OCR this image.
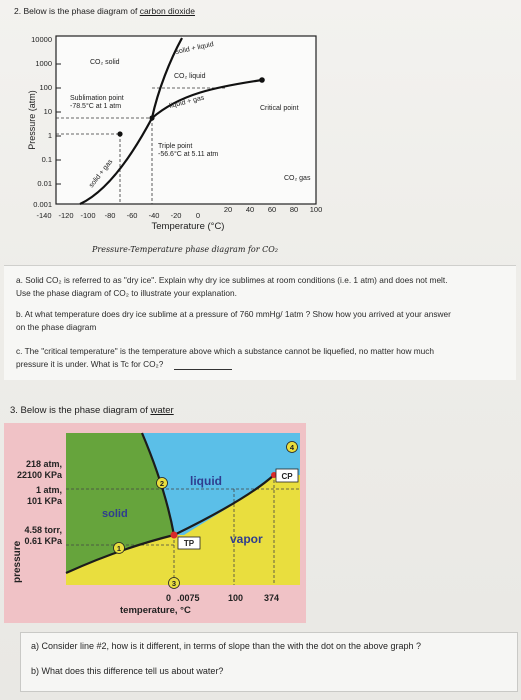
2. Below is the phase diagram of carbon dioxide
10000
1000
100
10
1
0.1
0.01
0.001
-140 -120 -100 -80 -60 -40 -20 0
20 40 60 80 100
Temperature (°C)
Pressure (atm)
CO₂ solid
CO₂ liquid
CO₂ gas
solid + liquid
liquid + gas
solid + gas
Sublimation point
-78.5°C at 1 atm
Triple point
-56.6°C at 5.11 atm
Critical point
Pressure-Temperature phase diagram for CO₂
a. Solid CO₂ is referred to as "dry ice". Explain why dry ice sublimes at room conditions (i.e. 1 atm) and does not melt.
Use the phase diagram of CO₂ to illustrate your explanation.
b. At what temperature does dry ice sublime at a pressure of 760 mmHg/ 1atm ? Show how you arrived at your answer
on the phase diagram
c. The "critical temperature" is the temperature above which a substance cannot be liquefied, no matter how much
pressure it is under. What is Tc for CO₂?
3. Below is the phase diagram of water
solid
liquid
vapor
TP
CP
1
2
3
4
218 atm,
22100 KPa
1 atm,
101 KPa
4.58 torr,
0.61 KPa
pressure
0 .0075	100 374
temperature, °C
a) Consider line #2, how is it different, in terms of slope than the with the dot on the above graph ?
b) What does this difference tell us about water?
